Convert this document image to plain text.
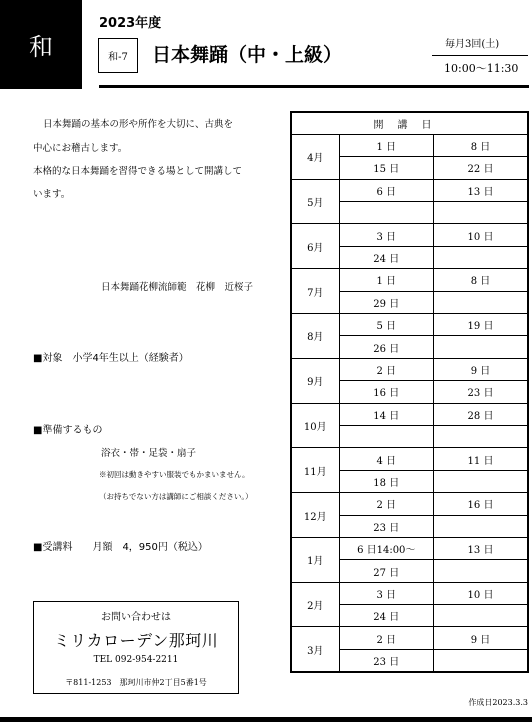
和
2023年度
和-7 日本舞踊（中・上級）	毎月3回(土)
10:00～11:30
日本舞踊の基本の形や所作を大切に、古典を
中心にお稽古します。
本格的な日本舞踊を習得できる場として開講して
います。
日本舞踊花柳流師範　花柳　近桜子
■対象　小学4年生以上（経験者）
■準備するもの
浴衣・帯・足袋・扇子
※初回は動きやすい服装でもかまいません。
（お持ちでない方は講師にご相談ください。）
■受講料　　月額　4，950円（税込）
お問い合わせは
ミリカローデン那珂川
TEL 092-954-2211
〒811-1253　那珂川市仲2丁目5番1号
開講日		
4月	1 日	8 日
	15 日	22 日
5月	6 日	13 日

6月	3 日	10 日
	24 日	
7月	1 日	8 日
	29 日	
8月	5 日	19 日
	26 日	
9月	2 日	9 日
	16 日	23 日
10月	14 日	28 日

11月	4 日	11 日
	18 日	
12月	2 日	16 日
	23 日	
1月	6 日14:00～	13 日
	27 日	
2月	3 日	10 日
	24 日	
3月	2 日	9 日
	23 日	
作成日2023.3.3
